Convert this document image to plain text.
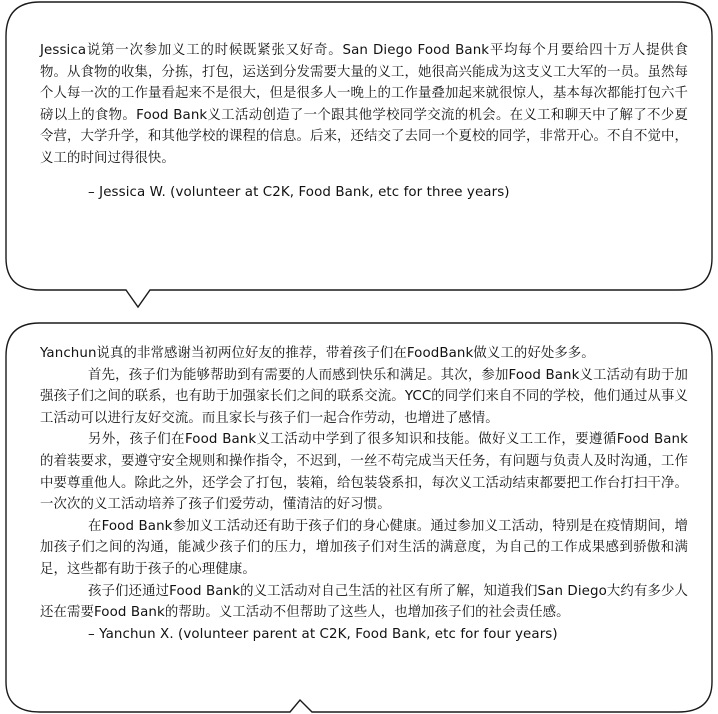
Jessica说第一次参加义工的时候既紧张又好奇。San Diego Food Bank平均每个月要给四十万人提供食物。从食物的收集，分拣，打包，运送到分发需要大量的义工，她很高兴能成为这支义工大军的一员。虽然每个人每一次的工作量看起来不是很大，但是很多人一晚上的工作量叠加起来就很惊人，基本每次都能打包六千磅以上的食物。Food Bank义工活动创造了一个跟其他学校同学交流的机会。在义工和聊天中了解了不少夏令营，大学升学，和其他学校的课程的信息。后来，还结交了去同一个夏校的同学，非常开心。不自不觉中，义工的时间过得很快。

– Jessica W. (volunteer at C2K, Food Bank, etc for three years)

Yanchun说真的非常感谢当初两位好友的推荐，带着孩子们在FoodBank做义工的好处多多。

首先，孩子们为能够帮助到有需要的人而感到快乐和满足。其次，参加Food Bank义工活动有助于加强孩子们之间的联系，也有助于加强家长们之间的联系交流。YCC的同学们来自不同的学校，他们通过从事义工活动可以进行友好交流。而且家长与孩子们一起合作劳动，也增进了感情。

另外，孩子们在Food Bank义工活动中学到了很多知识和技能。做好义工工作，要遵循Food Bank的着装要求，要遵守安全规则和操作指令，不迟到，一丝不苟完成当天任务，有问题与负责人及时沟通，工作中要尊重他人。除此之外，还学会了打包，装箱，给包装袋系扣，每次义工活动结束都要把工作台打扫干净。一次次的义工活动培养了孩子们爱劳动，懂清洁的好习惯。

在Food Bank参加义工活动还有助于孩子们的身心健康。通过参加义工活动，特别是在疫情期间，增加孩子们之间的沟通，能减少孩子们的压力，增加孩子们对生活的满意度，为自己的工作成果感到骄傲和满足，这些都有助于孩子的心理健康。

孩子们还通过Food Bank的义工活动对自己生活的社区有所了解，知道我们San Diego大约有多少人还在需要Food Bank的帮助。义工活动不但帮助了这些人，也增加孩子们的社会责任感。

– Yanchun X. (volunteer parent at C2K, Food Bank, etc for four years)
